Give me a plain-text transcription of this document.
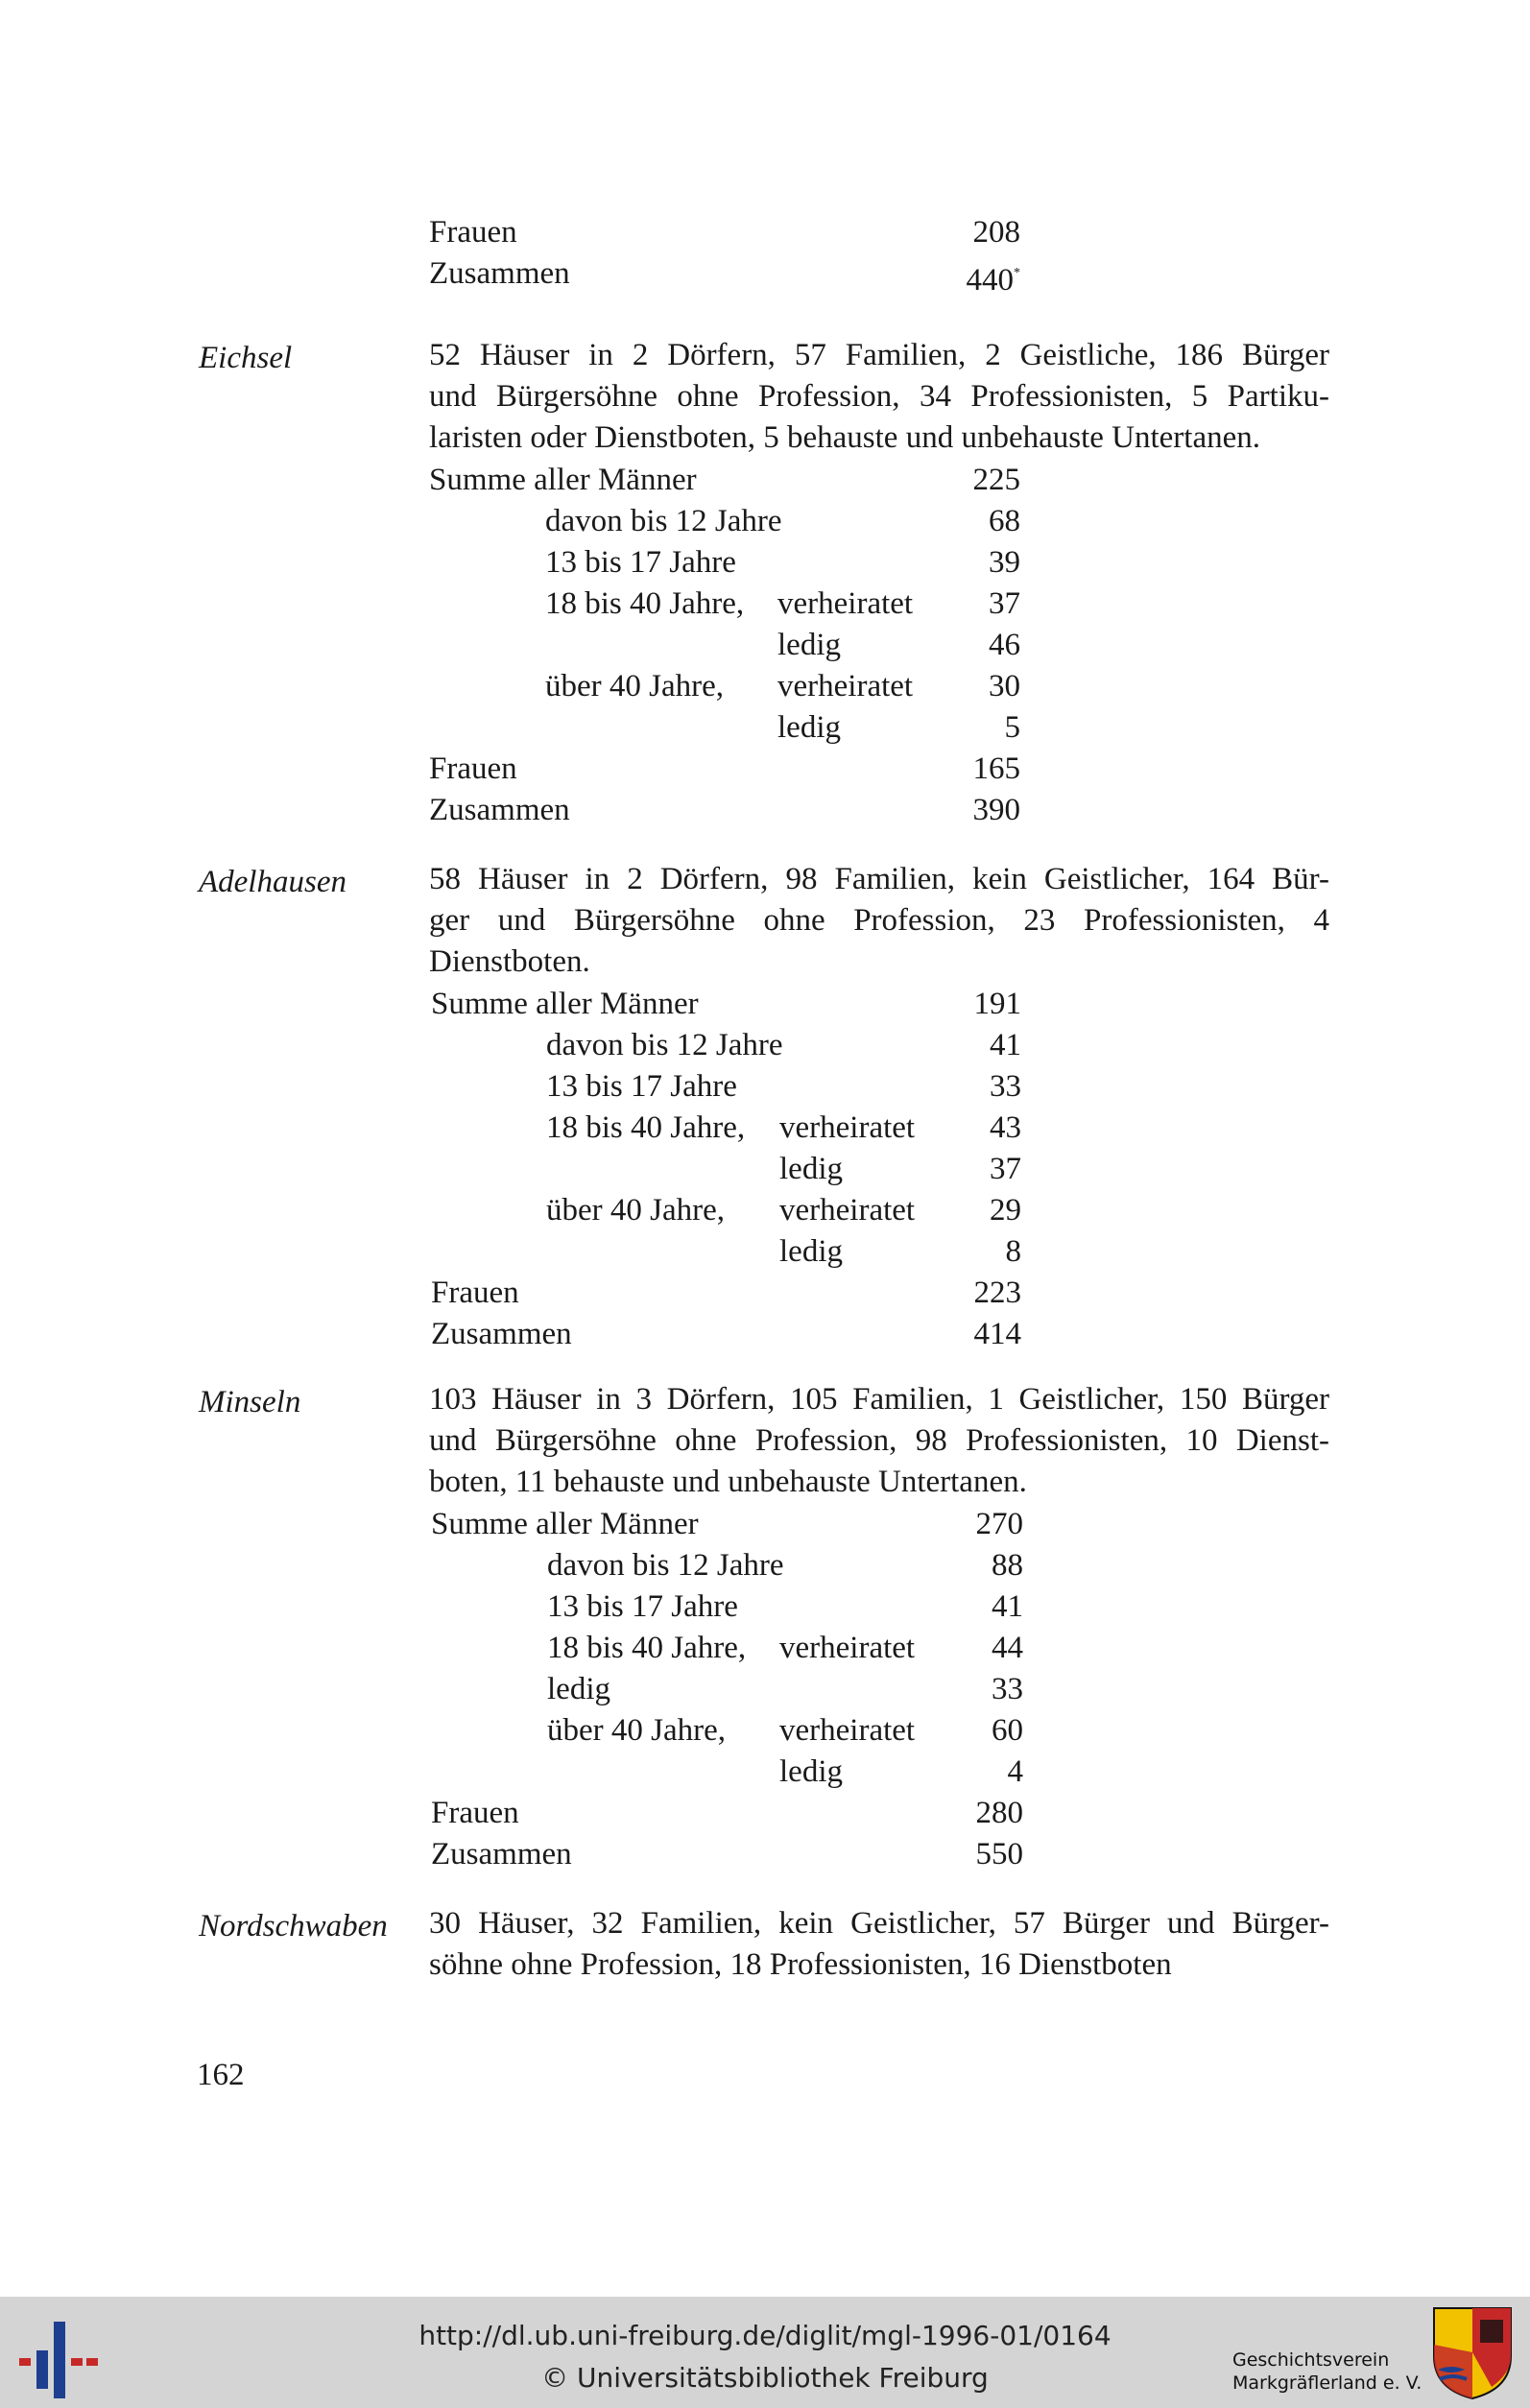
Frauen	208
Zusammen	440*
Eichsel	52 Häuser in 2 Dörfern, 57 Familien, 2 Geistliche, 186 Bürger
und Bürgersöhne ohne Profession, 34 Professionisten, 5 Partiku-
laristen oder Dienstboten, 5 behauste und unbehauste Untertanen.
Summe aller Männer	225
davon bis 12 Jahre	68
13 bis 17 Jahre	39
18 bis 40 Jahre, verheiratet	37
ledig	46
über 40 Jahre, verheiratet	30
ledig	5
Frauen	165
Zusammen	390
Adelhausen	58 Häuser in 2 Dörfern, 98 Familien, kein Geistlicher, 164 Bür-
ger und Bürgersöhne ohne Profession, 23 Professionisten, 4
Dienstboten.
Summe aller Männer	191
davon bis 12 Jahre	41
13 bis 17 Jahre	33
18 bis 40 Jahre, verheiratet	43
ledig	37
über 40 Jahre, verheiratet	29
ledig	8
Frauen	223
Zusammen	414
Minseln	103 Häuser in 3 Dörfern, 105 Familien, 1 Geistlicher, 150 Bürger
und Bürgersöhne ohne Profession, 98 Professionisten, 10 Dienst-
boten, 11 behauste und unbehauste Untertanen.
Summe aller Männer	270
davon bis 12 Jahre	88
13 bis 17 Jahre	41
18 bis 40 Jahre, verheiratet	44
ledig	33
über 40 Jahre, verheiratet	60
ledig	4
Frauen	280
Zusammen	550
Nordschwaben 30 Häuser, 32 Familien, kein Geistlicher, 57 Bürger und Bürger-
söhne ohne Profession, 18 Professionisten, 16 Dienstboten
162
http://dl.ub.uni-freiburg.de/diglit/mgl-1996-01/0164
© Universitätsbibliothek Freiburg
Geschichtsverein
Markgräflerland e. V.
